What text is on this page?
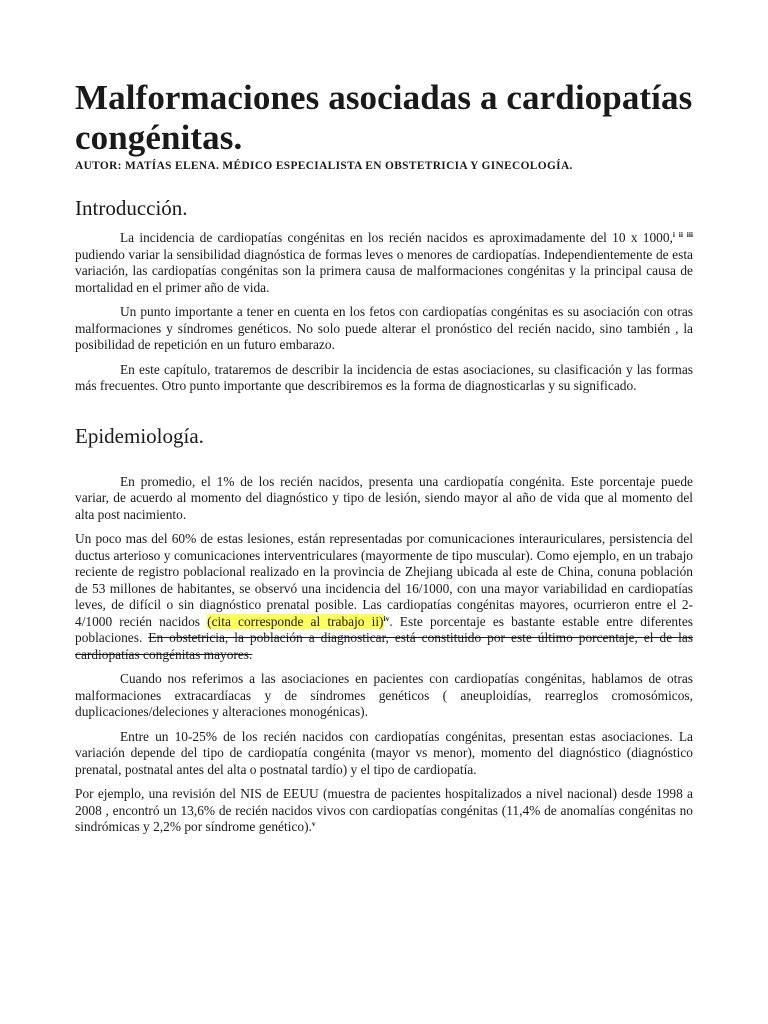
Malformaciones asociadas a cardiopatías congénitas.
AUTOR: MATÍAS ELENA. MÉDICO ESPECIALISTA EN OBSTETRICIA Y GINECOLOGÍA.
Introducción.

La incidencia de cardiopatías congénitas en los recién nacidos es aproximadamente del 10 x 1000,$^{i ii iii}$ pudiendo variar la sensibilidad diagnóstica de formas leves o menores de cardiopatías. Independientemente de esta variación, las cardiopatías congénitas son la primera causa de malformaciones congénitas y la principal causa de mortalidad en el primer año de vida.

Un punto importante a tener en cuenta en los fetos con cardiopatías congénitas es su asociación con otras malformaciones y síndromes genéticos. No solo puede alterar el pronóstico del recién nacido, sino también , la posibilidad de repetición en un futuro embarazo.

En este capítulo, trataremos de describir la incidencia de estas asociaciones, su clasificación y las formas más frecuentes. Otro punto importante que describiremos es la forma de diagnosticarlas y su significado.

Epidemiología.

En promedio, el 1% de los recién nacidos, presenta una cardiopatía congénita. Este porcentaje puede variar, de acuerdo al momento del diagnóstico y tipo de lesión, siendo mayor al año de vida que al momento del alta post nacimiento.

Un poco mas del 60% de estas lesiones, están representadas por comunicaciones interauriculares, persistencia del ductus arterioso y comunicaciones interventriculares (mayormente de tipo muscular). Como ejemplo, en un trabajo reciente de registro poblacional realizado en la provincia de Zhejiang ubicada al este de China, conuna población de 53 millones de habitantes, se observó una incidencia del 16/1000, con una mayor variabilidad en cardiopatías leves, de difícil o sin diagnóstico prenatal posible. Las cardiopatías congénitas mayores, ocurrieron entre el 2-4/1000 recién nacidos (cita corresponde al trabajo ii)$^{iv}$. Este porcentaje es bastante estable entre diferentes poblaciones. En obstetricia, la población a diagnosticar, está constituido por este último porcentaje, el de las cardiopatías congénitas mayores.

Cuando nos referimos a las asociaciones en pacientes con cardiopatías congénitas, hablamos de otras malformaciones extracardíacas y de síndromes genéticos ( aneuploidías, rearreglos cromosómicos, duplicaciones/deleciones y alteraciones monogénicas).

Entre un 10-25% de los recién nacidos con cardiopatías congénitas, presentan estas asociaciones. La variación depende del tipo de cardiopatía congénita (mayor vs menor), momento del diagnóstico (diagnóstico prenatal, postnatal antes del alta o postnatal tardío) y el tipo de cardiopatía.

Por ejemplo, una revisión del NIS de EEUU (muestra de pacientes hospitalizados a nivel nacional) desde 1998 a 2008 , encontró un 13,6% de recién nacidos vivos con cardiopatías congénitas (11,4% de anomalías congénitas no sindrómicas y 2,2% por síndrome genético).$^v$
